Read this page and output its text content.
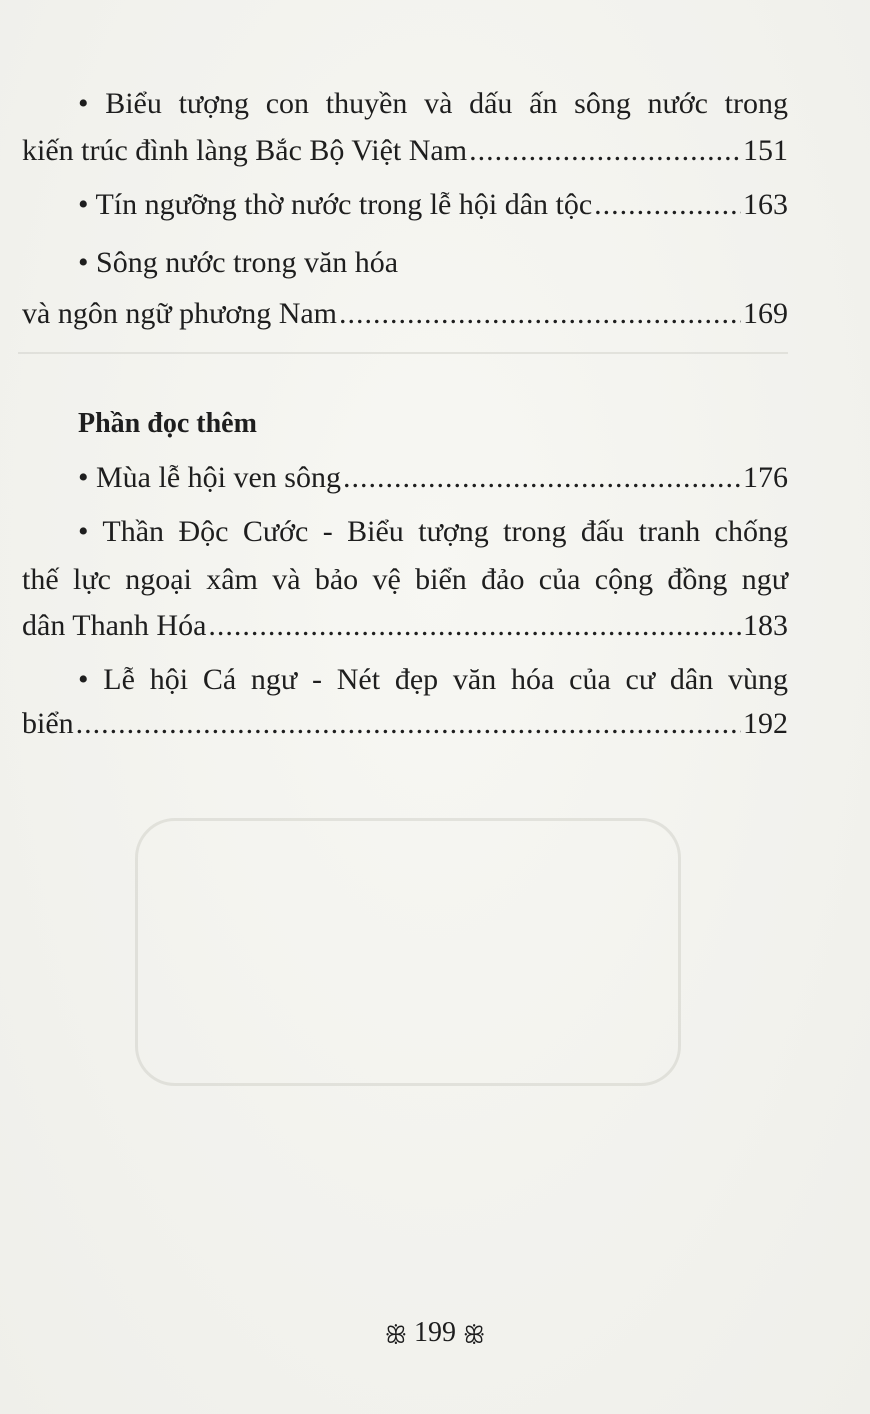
• Biểu tượng con thuyền và dấu ấn sông nước trong
kiến trúc đình làng Bắc Bộ Việt Nam .....	151
• Tín ngưỡng thờ nước trong lễ hội dân tộc .....	163
• Sông nước trong văn hóa
và ngôn ngữ phương Nam .....	169
Phần đọc thêm
• Mùa lễ hội ven sông .....	176
• Thần Độc Cước - Biểu tượng trong đấu tranh chống
thế lực ngoại xâm và bảo vệ biển đảo của cộng đồng ngư
dân Thanh Hóa .....	183
• Lễ hội Cá ngư - Nét đẹp văn hóa của cư dân vùng
biển .....	192
ꕥ 199 ꕥ
